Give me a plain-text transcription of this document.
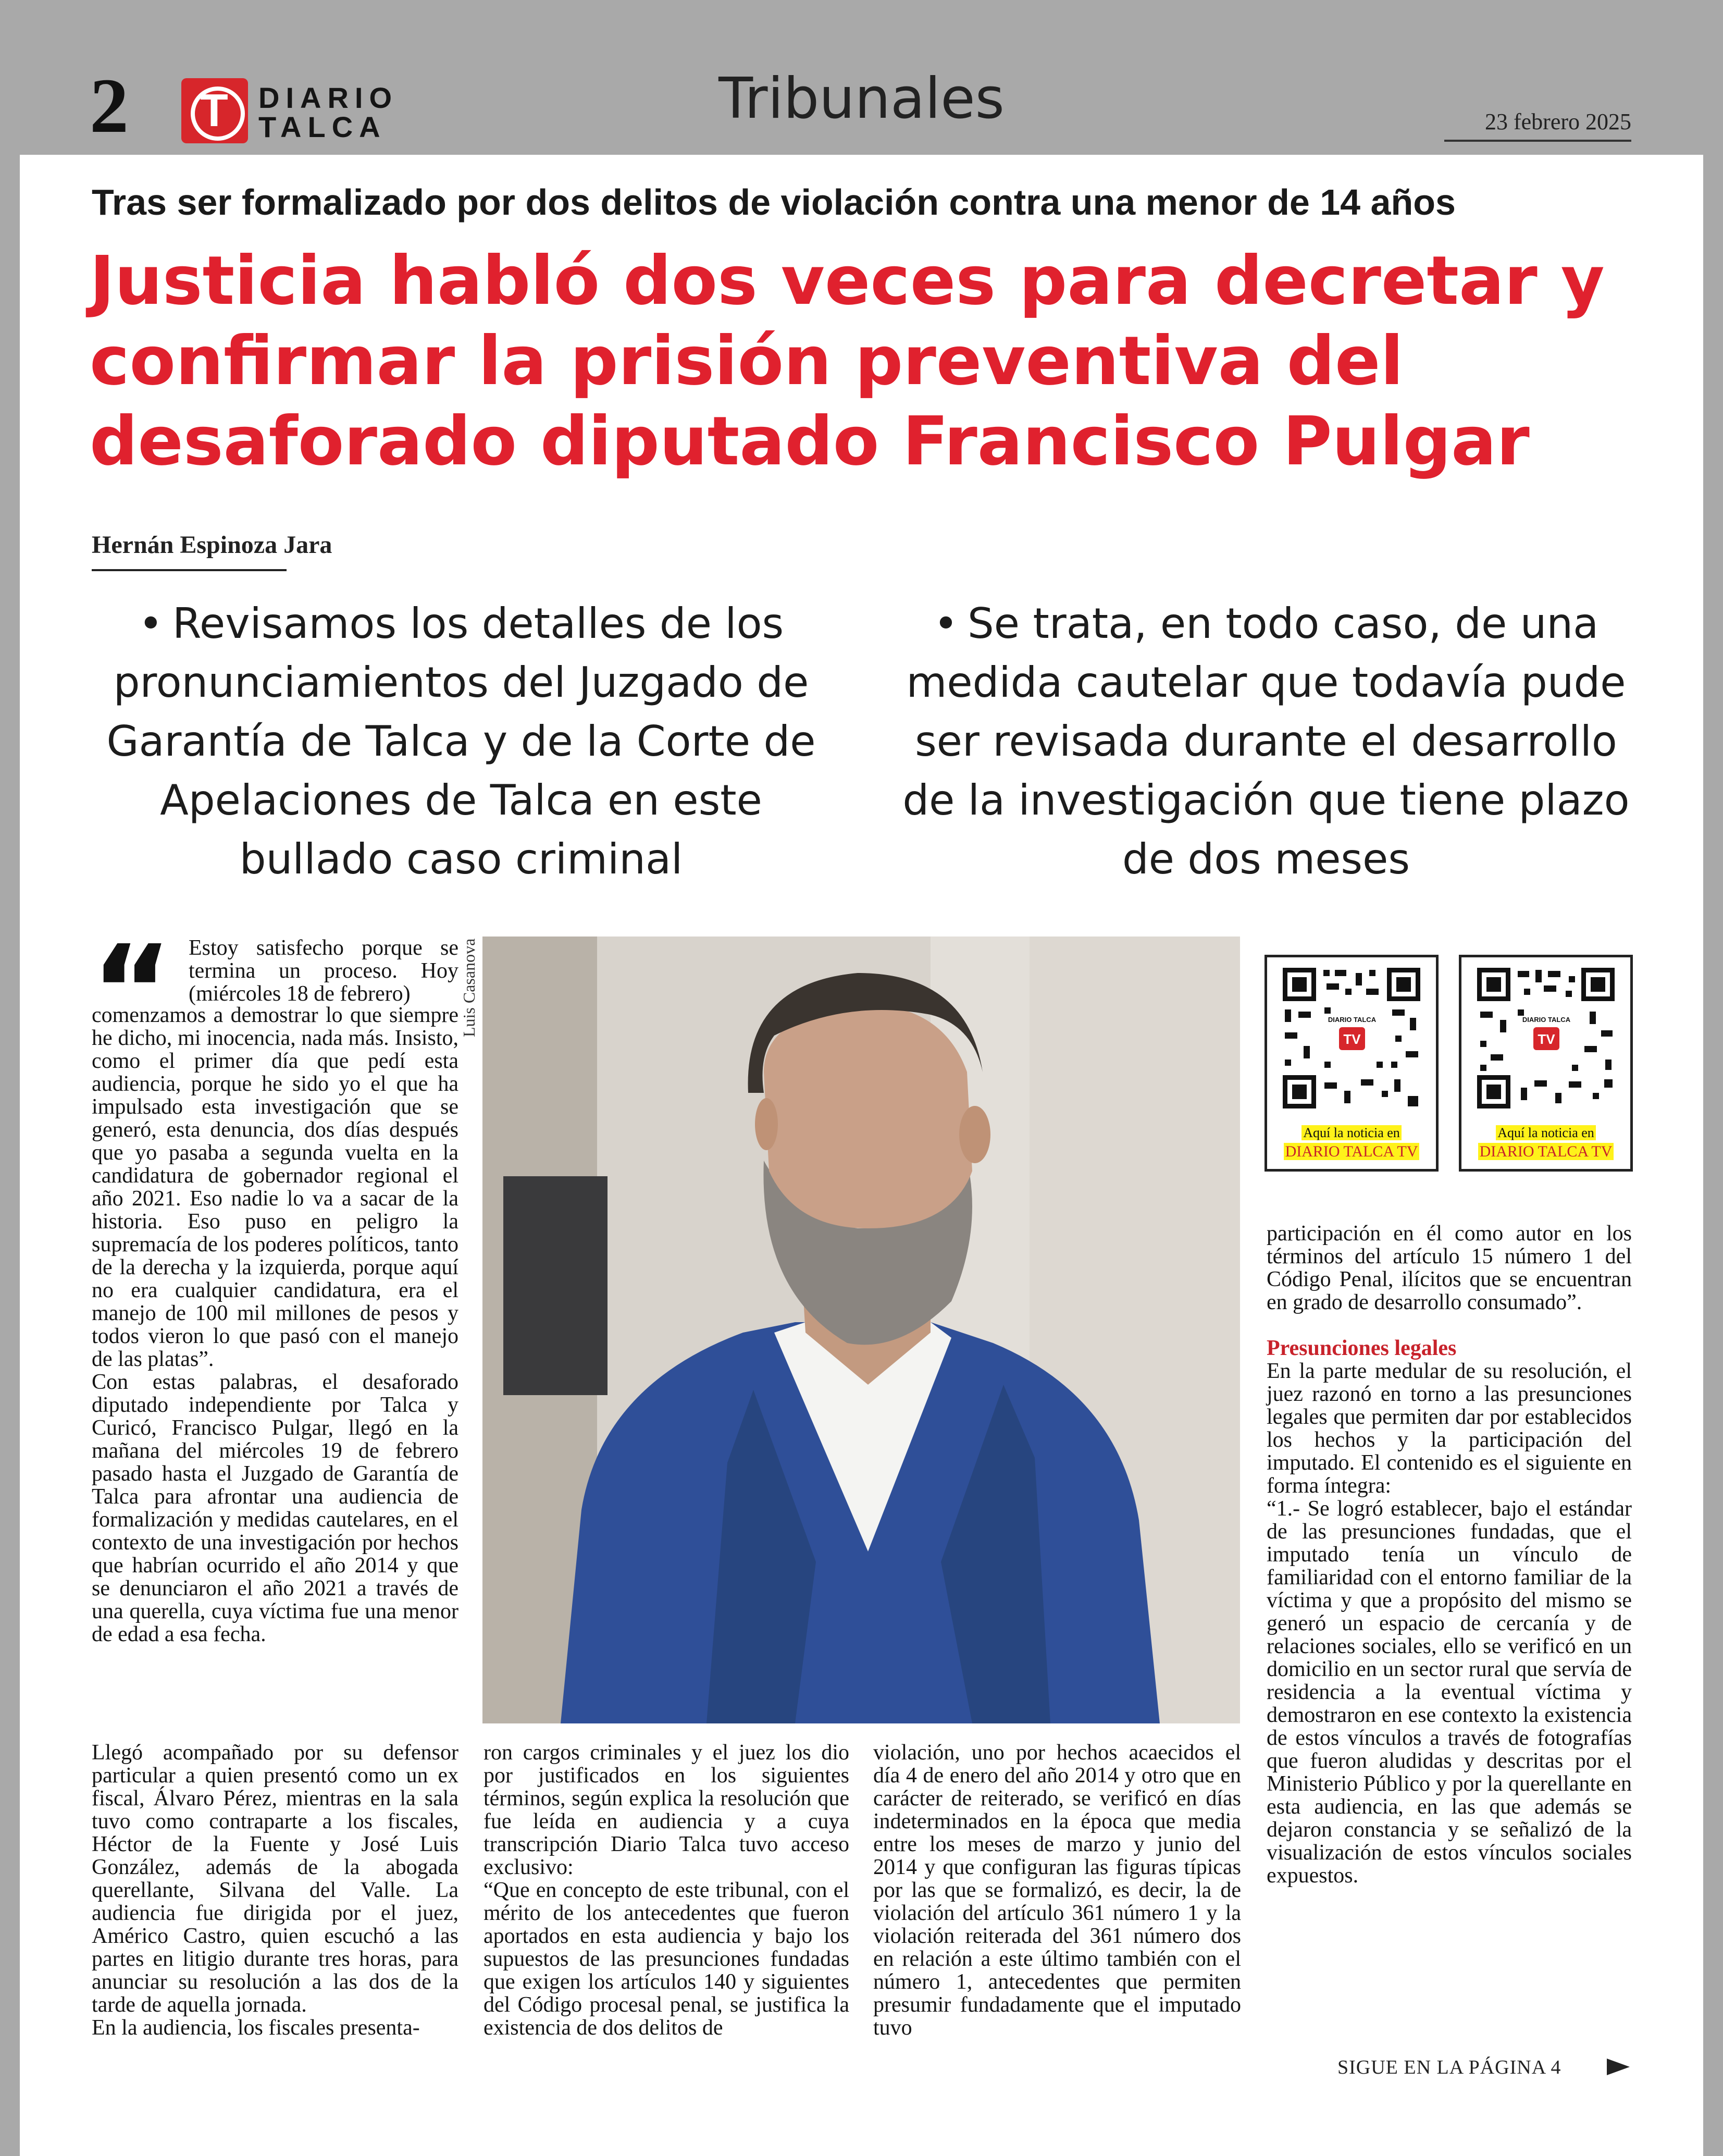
2 T DIARIO
TALCA	Tribunales	23 febrero 2025
Tras ser formalizado por dos delitos de violación contra una menor de 14 años
Justicia habló dos veces para decretar y confirmar la prisión preventiva del desaforado diputado Francisco Pulgar
Hernán Espinoza Jara
• Revisamos los detalles de los pronunciamientos del Juzgado de Garantía de Talca y de la Corte de Apelaciones de Talca en este bullado caso criminal
• Se trata, en todo caso, de una medida cautelar que todavía pude ser revisada durante el desarrollo de la investigación que tiene plazo de dos meses
“ Estoy satisfecho porque se termina un proceso. Hoy (miércoles 18 de febrero)

comenzamos a demostrar lo que siempre he dicho, mi inocencia, nada más. Insisto, como el primer día que pedí esta audiencia, porque he sido yo el que ha impulsado esta investigación que se generó, esta denuncia, dos días después que yo pasaba a segunda vuelta en la candidatura de gobernador regional el año 2021. Eso nadie lo va a sacar de la historia. Eso puso en peligro la supremacía de los poderes políticos, tanto de la derecha y la izquierda, porque aquí no era cualquier candidatura, era el manejo de 100 mil millones de pesos y todos vieron lo que pasó con el manejo de las platas”.

Con estas palabras, el desaforado diputado independiente por Talca y Curicó, Francisco Pulgar, llegó en la mañana del miércoles 19 de febrero pasado hasta el Juzgado de Garantía de Talca para afrontar una audiencia de formalización y medidas cautelares, en el contexto de una investigación por hechos que habrían ocurrido el año 2014 y que se denunciaron el año 2021 a través de una querella, cuya víctima fue una menor de edad a esa fecha.

Llegó acompañado por su defensor particular a quien presentó como un ex fiscal, Álvaro Pérez, mientras en la sala tuvo como contraparte a los fiscales, Héctor de la Fuente y José Luis González, además de la abogada querellante, Silvana del Valle. La audiencia fue dirigida por el juez, Américo Castro, quien escuchó a las partes en litigio durante tres horas, para anunciar su resolución a las dos de la tarde de aquella jornada.

En la audiencia, los fiscales presenta-

ron cargos criminales y el juez los dio por justificados en los siguientes términos, según explica la resolución que fue leída en audiencia y a cuya transcripción Diario Talca tuvo acceso exclusivo:

“Que en concepto de este tribunal, con el mérito de los antecedentes que fueron aportados en esta audiencia y bajo los supuestos de las presunciones fundadas que exigen los artículos 140 y siguientes del Código procesal penal, se justifica la existencia de dos delitos de

violación, uno por hechos acaecidos el día 4 de enero del año 2014 y otro que en carácter de reiterado, se verificó en días indeterminados en la época que media entre los meses de marzo y junio del 2014 y que configuran las figuras típicas por las que se formalizó, es decir, la de violación del artículo 361 número 1 y la violación reiterada del 361 número dos en relación a este último también con el número 1, antecedentes que permiten presumir fundadamente que el imputado tuvo

participación en él como autor en los términos del artículo 15 número 1 del Código Penal, ilícitos que se encuentran en grado de desarrollo consumado”.

Presunciones legales

En la parte medular de su resolución, el juez razonó en torno a las presunciones legales que permiten dar por establecidos los hechos y la participación del imputado. El contenido es el siguiente en forma íntegra:

“1.- Se logró establecer, bajo el estándar de las presunciones fundadas, que el imputado tenía un vínculo de familiaridad con el entorno familiar de la víctima y que a propósito del mismo se generó un espacio de cercanía y de relaciones sociales, ello se verificó en un domicilio en un sector rural que servía de residencia a la eventual víctima y demostraron en ese contexto la existencia de estos vínculos a través de fotografías que fueron aludidas y descritas por el Ministerio Público y por la querellante en esta audiencia, en las que además se dejaron constancia y se señalizó de la visualización de estos vínculos sociales expuestos.

Luis Casanova	DIARIO TALCA
TV
Aquí la noticia en
DIARIO TALCA TV
DIARIO TALCA
TV
Aquí la noticia en
DIARIO TALCA TV
SIGUE EN LA PÁGINA 4
